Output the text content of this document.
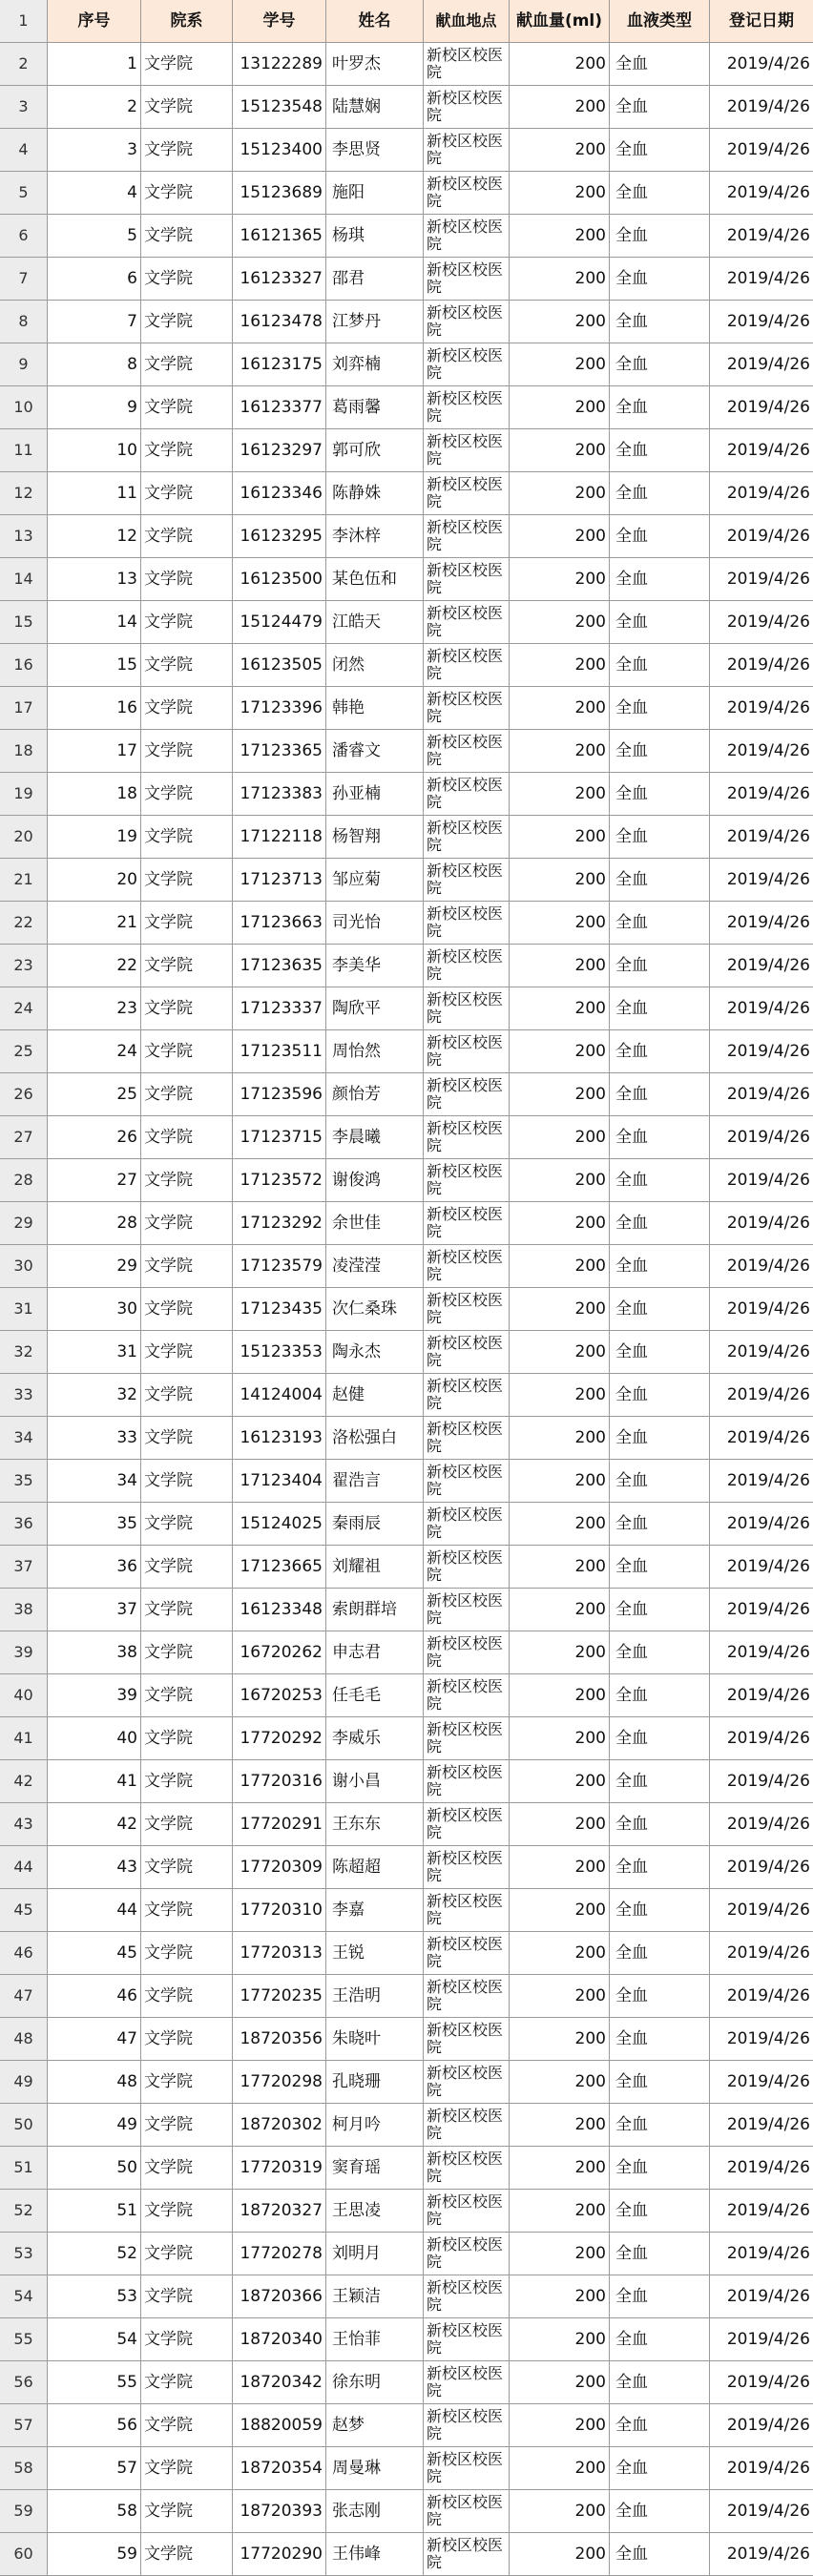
1	序号	院系	学号	姓名	献血地点	献血量(ml)	血液类型	登记日期
2	1 文学院	13122289 叶罗杰	新校区校医院	200 全血	2019/4/26
3	2 文学院	15123548 陆慧娴	新校区校医院	200 全血	2019/4/26
4	3 文学院	15123400 李思贤	新校区校医院	200 全血	2019/4/26
5	4 文学院	15123689 施阳	新校区校医院	200 全血	2019/4/26
6	5 文学院	16121365 杨琪	新校区校医院	200 全血	2019/4/26
7	6 文学院	16123327 邵君	新校区校医院	200 全血	2019/4/26
8	7 文学院	16123478 江梦丹	新校区校医院	200 全血	2019/4/26
9	8 文学院	16123175 刘弈楠	新校区校医院	200 全血	2019/4/26
10	9 文学院	16123377 葛雨馨	新校区校医院	200 全血	2019/4/26
11	10 文学院	16123297 郭可欣	新校区校医院	200 全血	2019/4/26
12	11 文学院	16123346 陈静姝	新校区校医院	200 全血	2019/4/26
13	12 文学院	16123295 李沐梓	新校区校医院	200 全血	2019/4/26
14	13 文学院	16123500 某色伍和	新校区校医院	200 全血	2019/4/26
15	14 文学院	15124479 江皓天	新校区校医院	200 全血	2019/4/26
16	15 文学院	16123505 闭然	新校区校医院	200 全血	2019/4/26
17	16 文学院	17123396 韩艳	新校区校医院	200 全血	2019/4/26
18	17 文学院	17123365 潘睿文	新校区校医院	200 全血	2019/4/26
19	18 文学院	17123383 孙亚楠	新校区校医院	200 全血	2019/4/26
20	19 文学院	17122118 杨智翔	新校区校医院	200 全血	2019/4/26
21	20 文学院	17123713 邹应菊	新校区校医院	200 全血	2019/4/26
22	21 文学院	17123663 司光怡	新校区校医院	200 全血	2019/4/26
23	22 文学院	17123635 李美华	新校区校医院	200 全血	2019/4/26
24	23 文学院	17123337 陶欣平	新校区校医院	200 全血	2019/4/26
25	24 文学院	17123511 周怡然	新校区校医院	200 全血	2019/4/26
26	25 文学院	17123596 颜怡芳	新校区校医院	200 全血	2019/4/26
27	26 文学院	17123715 李晨曦	新校区校医院	200 全血	2019/4/26
28	27 文学院	17123572 谢俊鸿	新校区校医院	200 全血	2019/4/26
29	28 文学院	17123292 余世佳	新校区校医院	200 全血	2019/4/26
30	29 文学院	17123579 凌滢滢	新校区校医院	200 全血	2019/4/26
31	30 文学院	17123435 次仁桑珠	新校区校医院	200 全血	2019/4/26
32	31 文学院	15123353 陶永杰	新校区校医院	200 全血	2019/4/26
33	32 文学院	14124004 赵健	新校区校医院	200 全血	2019/4/26
34	33 文学院	16123193 洛松强白	新校区校医院	200 全血	2019/4/26
35	34 文学院	17123404 翟浩言	新校区校医院	200 全血	2019/4/26
36	35 文学院	15124025 秦雨辰	新校区校医院	200 全血	2019/4/26
37	36 文学院	17123665 刘耀祖	新校区校医院	200 全血	2019/4/26
38	37 文学院	16123348 索朗群培	新校区校医院	200 全血	2019/4/26
39	38 文学院	16720262 申志君	新校区校医院	200 全血	2019/4/26
40	39 文学院	16720253 任毛毛	新校区校医院	200 全血	2019/4/26
41	40 文学院	17720292 李威乐	新校区校医院	200 全血	2019/4/26
42	41 文学院	17720316 谢小昌	新校区校医院	200 全血	2019/4/26
43	42 文学院	17720291 王东东	新校区校医院	200 全血	2019/4/26
44	43 文学院	17720309 陈超超	新校区校医院	200 全血	2019/4/26
45	44 文学院	17720310 李嘉	新校区校医院	200 全血	2019/4/26
46	45 文学院	17720313 王锐	新校区校医院	200 全血	2019/4/26
47	46 文学院	17720235 王浩明	新校区校医院	200 全血	2019/4/26
48	47 文学院	18720356 朱晓叶	新校区校医院	200 全血	2019/4/26
49	48 文学院	17720298 孔晓珊	新校区校医院	200 全血	2019/4/26
50	49 文学院	18720302 柯月吟	新校区校医院	200 全血	2019/4/26
51	50 文学院	17720319 窦育瑶	新校区校医院	200 全血	2019/4/26
52	51 文学院	18720327 王思凌	新校区校医院	200 全血	2019/4/26
53	52 文学院	17720278 刘明月	新校区校医院	200 全血	2019/4/26
54	53 文学院	18720366 王颖洁	新校区校医院	200 全血	2019/4/26
55	54 文学院	18720340 王怡菲	新校区校医院	200 全血	2019/4/26
56	55 文学院	18720342 徐东明	新校区校医院	200 全血	2019/4/26
57	56 文学院	18820059 赵梦	新校区校医院	200 全血	2019/4/26
58	57 文学院	18720354 周曼琳	新校区校医院	200 全血	2019/4/26
59	58 文学院	18720393 张志刚	新校区校医院	200 全血	2019/4/26
60	59 文学院	17720290 王伟峰	新校区校医院	200 全血	2019/4/26
